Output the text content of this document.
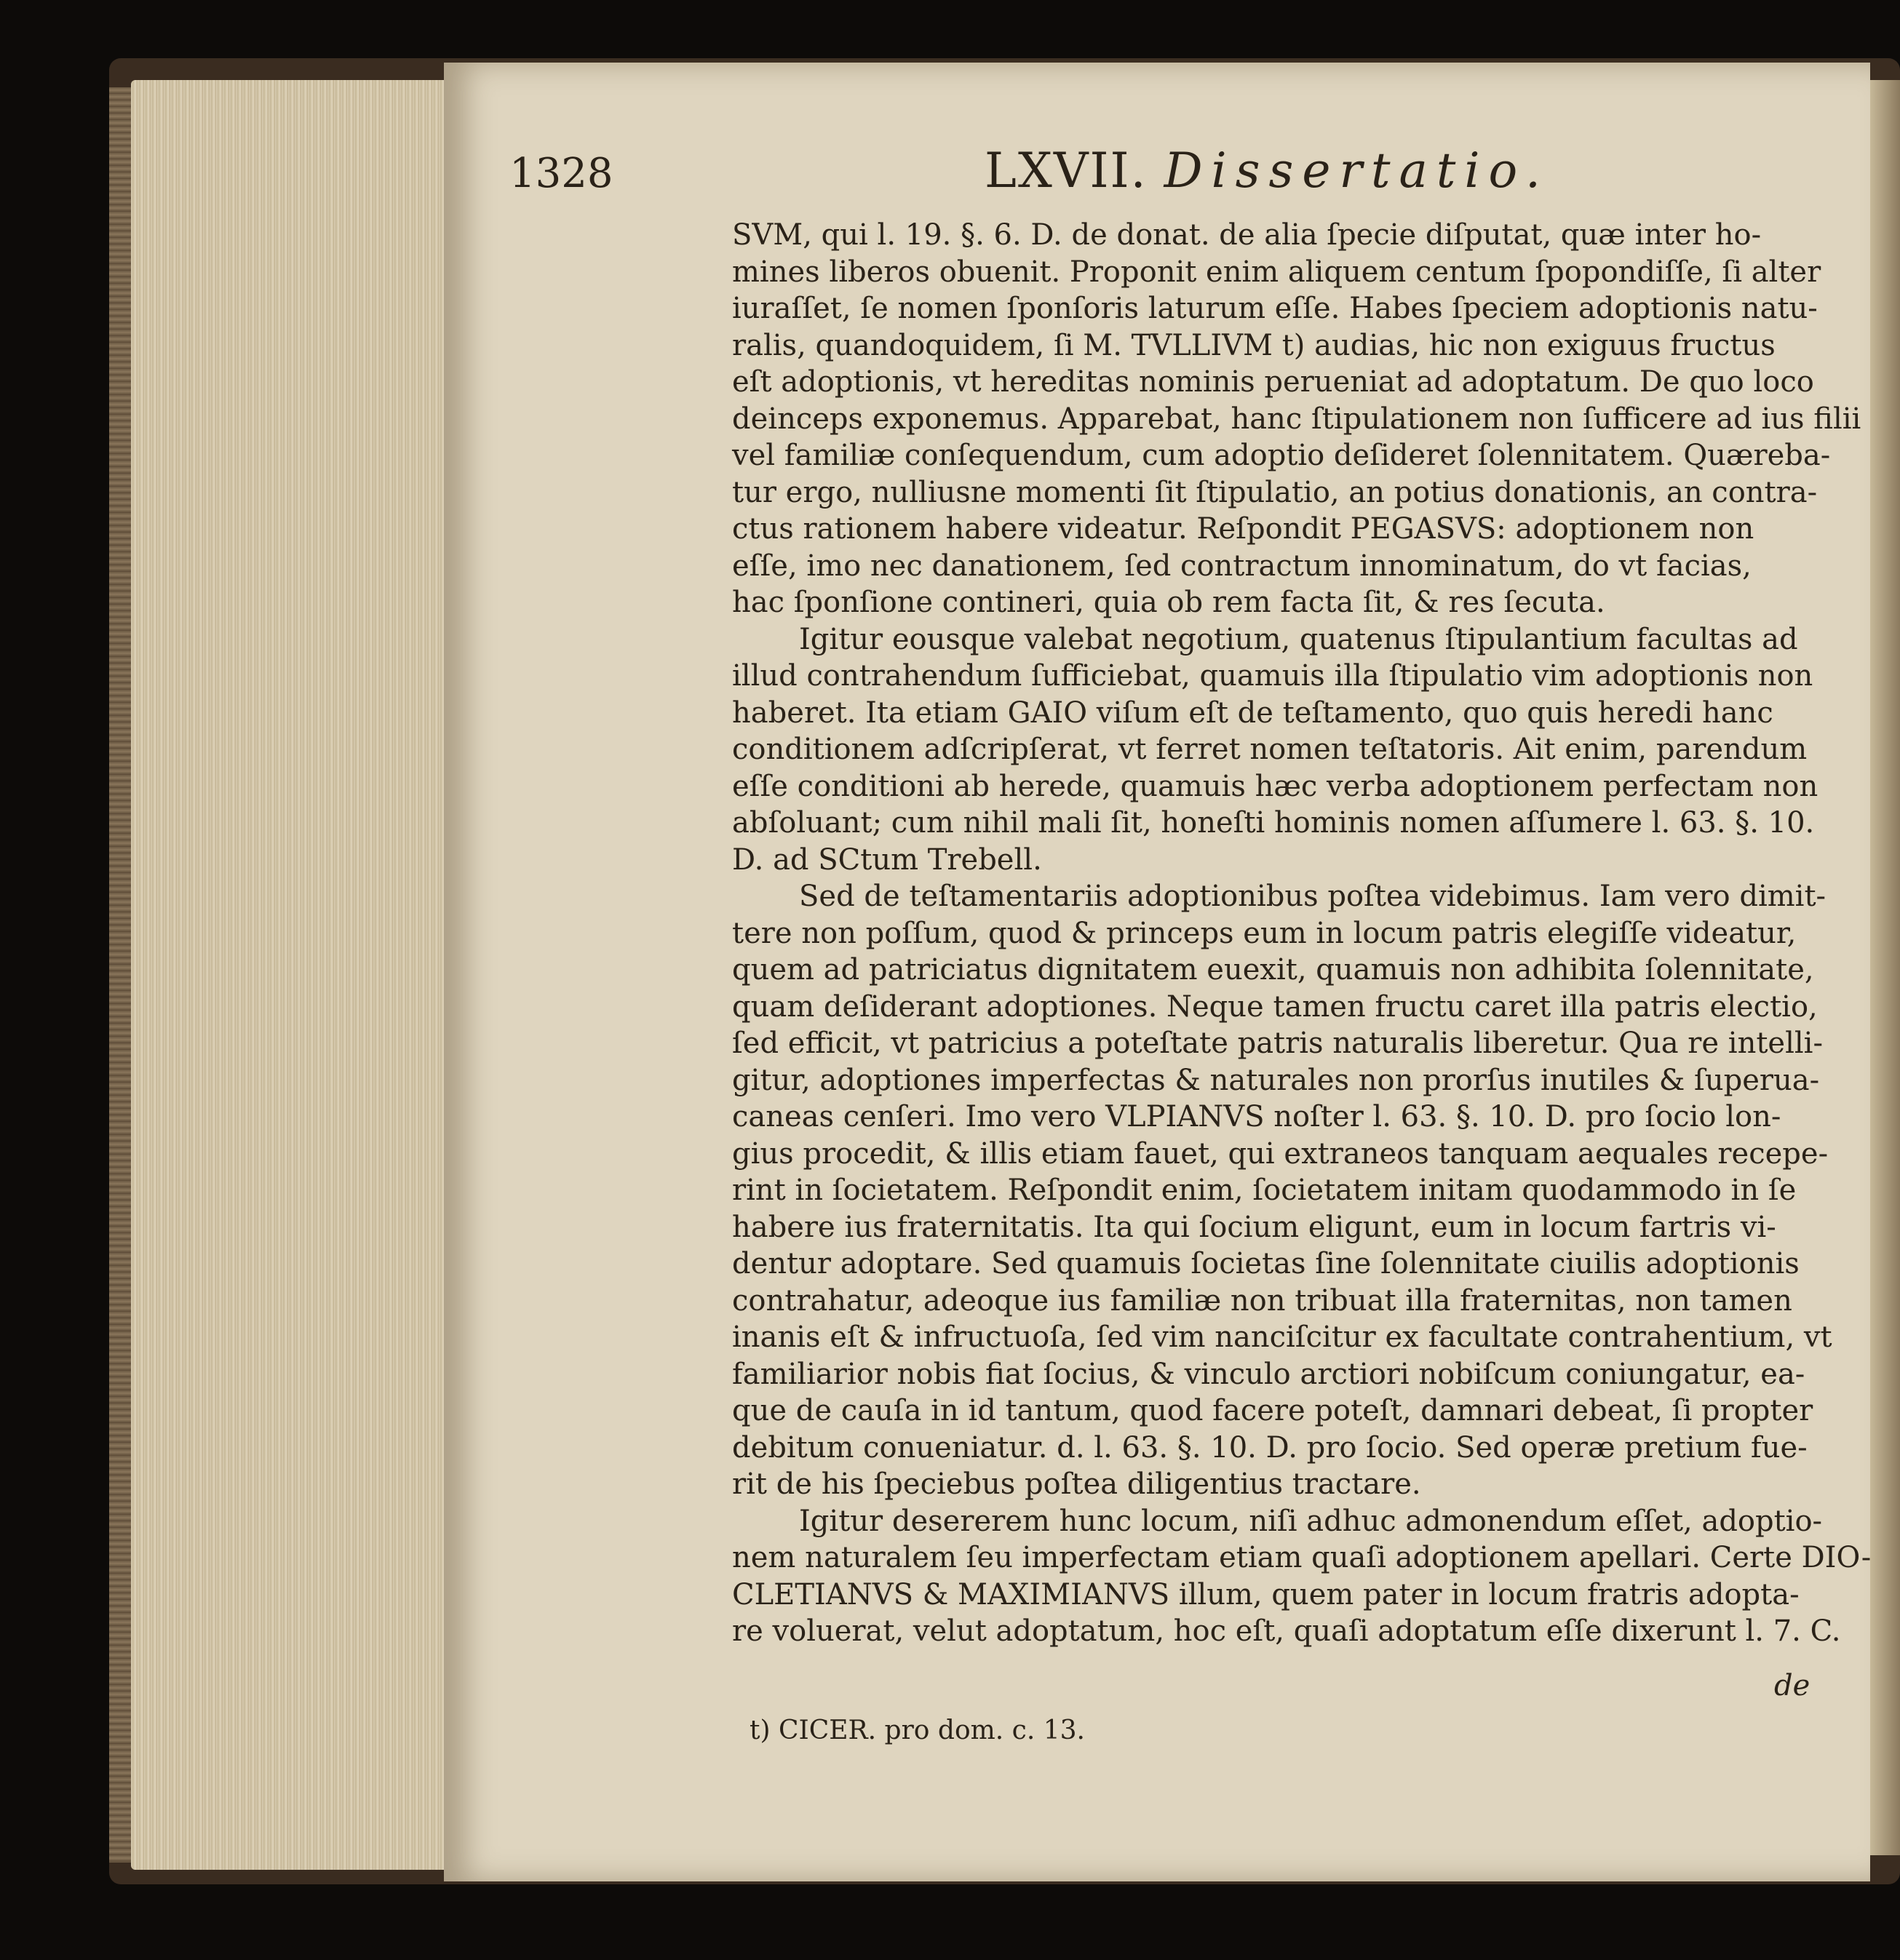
1328	LXVII. Dissertatio.
SVM, qui l. 19. §. 6. D. de donat. de alia ſpecie diſputat, quæ inter ho-
mines liberos obuenit. Proponit enim aliquem centum ſpopondiſſe, ſi alter
iuraſſet, ſe nomen ſponſoris laturum eſſe. Habes ſpeciem adoptionis natu-
ralis, quandoquidem, ſi M. TVLLIVM t) audias, hic non exiguus fructus
eſt adoptionis, vt hereditas nominis perueniat ad adoptatum. De quo loco
deinceps exponemus. Apparebat, hanc ſtipulationem non ſufficere ad ius filii
vel familiæ conſequendum, cum adoptio deſideret ſolennitatem. Quærebа-
tur ergo, nulliusne momenti ſit ſtipulatio, an potius donationis, an contra-
ctus rationem habere videatur. Reſpondit PEGASVS: adoptionem non
eſſe, imo nec danationem, ſed contractum innominatum, do vt facias,
hac ſponſione contineri, quia ob rem facta ſit, & res ſecuta.
Igitur eousque valebat negotium, quatenus ſtipulantium facultas ad
illud contrahendum ſufficiebat, quamuis illa ſtipulatio vim adoptionis non
haberet. Ita etiam GAIO viſum eſt de teſtamento, quo quis heredi hanc
conditionem adſcripſerat, vt ferret nomen teſtatoris. Ait enim, parendum
eſſe conditioni ab herede, quamuis hæc verba adoptionem perfectam non
abſoluant; cum nihil mali ſit, honeſti hominis nomen aſſumere l. 63. §. 10.
D. ad SCtum Trebell.
Sed de teſtamentariis adoptionibus poſtea videbimus. Iam vero dimit-
tere non poſſum, quod & princeps eum in locum patris elegiſſe videatur,
quem ad patriciatus dignitatem euexit, quamuis non adhibita ſolennitate,
quam deſiderant adoptiones. Neque tamen fructu caret illa patris electio,
ſed efficit, vt patricius a poteſtate patris naturalis liberetur. Qua re intelli-
gitur, adoptiones imperfectas & naturales non prorſus inutiles & ſuperua-
caneas cenſeri. Imo vero VLPIANVS noſter l. 63. §. 10. D. pro ſocio lon-
gius procedit, & illis etiam fauet, qui extraneos tanquam aequales recepe-
rint in ſocietatem. Reſpondit enim, ſocietatem initam quodammodo in ſe
habere ius fraternitatis. Ita qui ſocium eligunt, eum in locum fartris vi-
dentur adoptare. Sed quamuis ſocietas ſine ſolennitate ciuilis adoptionis
contrahatur, adeoque ius familiæ non tribuat illa fraternitas, non tamen
inanis eſt & infructuoſa, ſed vim nanciſcitur ex facultate contrahentium, vt
familiarior nobis fiat ſocius, & vinculo arctiori nobiſcum coniungatur, ea-
que de cauſa in id tantum, quod facere poteſt, damnari debeat, ſi propter
debitum conueniatur. d. l. 63. §. 10. D. pro ſocio. Sed operæ pretium fue-
rit de his ſpeciebus poſtea diligentius tractare.
Igitur desererem hunc locum, niſi adhuc admonendum eſſet, adoptio-
nem naturalem ſeu imperfectam etiam quaſi adoptionem apellari. Certe DIO-
CLETIANVS & MAXIMIANVS illum, quem pater in locum fratris adopta-
re voluerat, velut adoptatum, hoc eſt, quaſi adoptatum eſſe dixerunt l. 7. C.
de
t) CICER. pro dom. c. 13.
